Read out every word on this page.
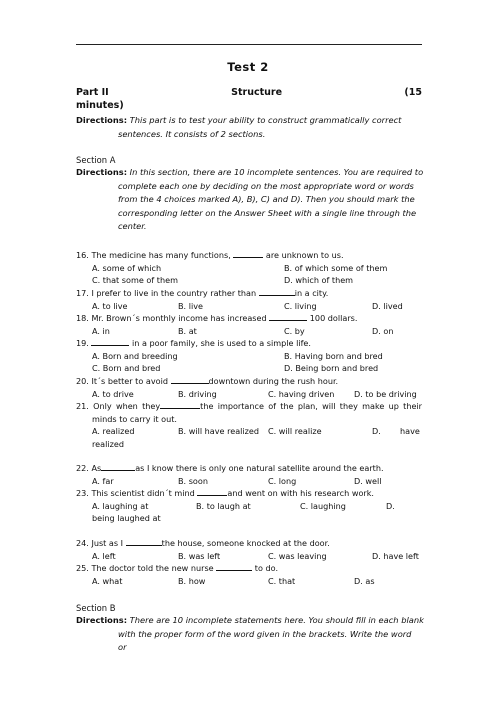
Test 2
Part II	Structure	(15
minutes)
Directions: This part is to test your ability to construct grammatically correct
sentences. It consists of 2 sections.
Section A
Directions: In this section, there are 10 incomplete sentences. You are required to
complete each one by deciding on the most appropriate word or words
from the 4 choices marked A), B), C) and D). Then you should mark the
corresponding letter on the Answer Sheet with a single line through the
center.
16. The medicine has many functions,	are unknown to us.
A. some of which	B. of which some of them
C. that some of them	D. which of them
17. I prefer to live in the country rather than	in a city.
A. to live	B. live	C. living	D. lived
18. Mr. Brown´s monthly income has increased	100 dollars.
A. in	B. at	C. by	D. on
19.	in a poor family, she is used to a simple life.
A. Born and breeding	B. Having born and bred
C. Born and bred	D. Being born and bred
20. It´s better to avoid	downtown during the rush hour.
A. to drive	B. driving	C. having driven D. to be driving
21. Only when they	the importance of the plan, will they make up their
minds to carry it out.
A. realized	B. will have realized C. will realize	D. have
realized
22. As	as I know there is only one natural satellite around the earth.
A. far	B. soon	C. long	D. well
23. This scientist didn´t mind	and went on with his research work.
A. laughing at	B. to laugh at	C. laughing	D.
being laughed at
24. Just as I	the house, someone knocked at the door.
A. left	B. was left	C. was leaving	D. have left
25. The doctor told the new nurse	to do.
A. what	B. how	C. that	D. as
Section B
Directions: There are 10 incomplete statements here. You should fill in each blank
with the proper form of the word given in the brackets. Write the word or
